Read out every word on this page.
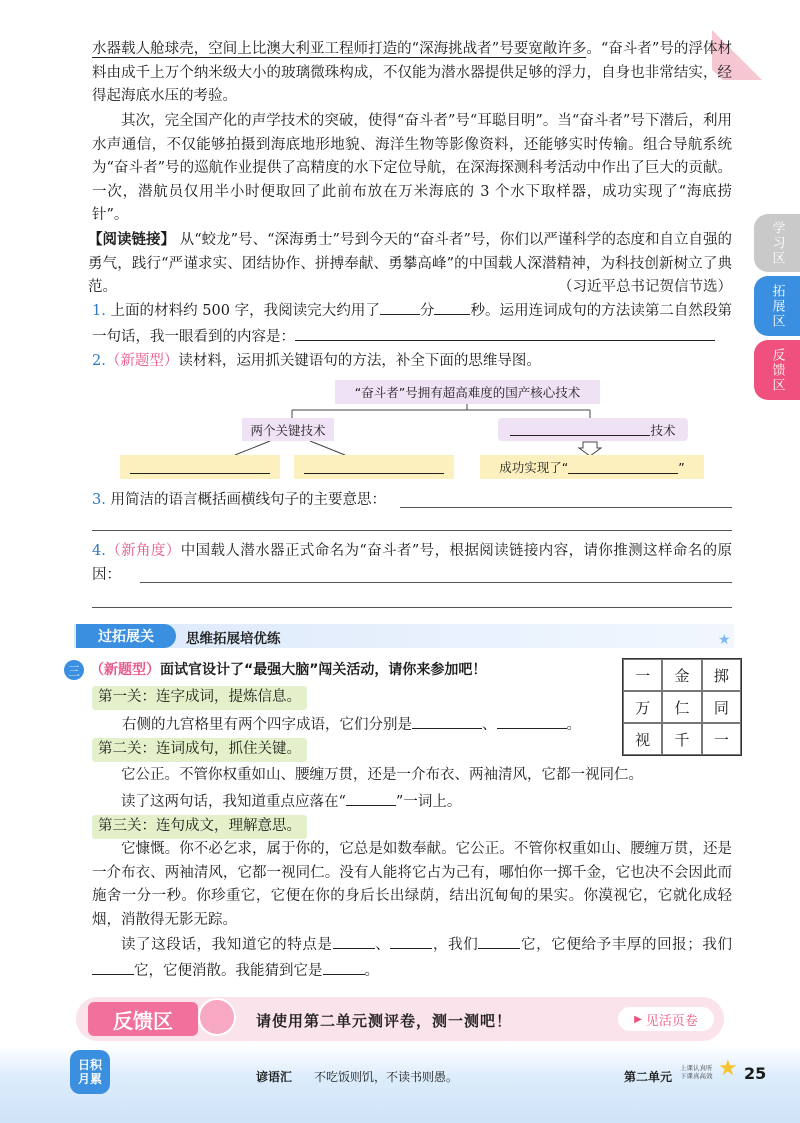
教师用书
水器载人舱球壳，空间上比澳大利亚工程师打造的“深海挑战者”号要宽敞许多。“奋斗者”号的浮体材料由成千上万个纳米级大小的玻璃微珠构成，不仅能为潜水器提供足够的浮力，自身也非常结实，经得起海底水压的考验。
其次，完全国产化的声学技术的突破，使得“奋斗者”号“耳聪目明”。当“奋斗者”号下潜后，利用水声通信，不仅能够拍摄到海底地形地貌、海洋生物等影像资料，还能够实时传输。组合导航系统为“奋斗者”号的巡航作业提供了高精度的水下定位导航，在深海探测科考活动中作出了巨大的贡献。一次，潜航员仅用半小时便取回了此前布放在万米海底的 3 个水下取样器，成功实现了“海底捞针”。
【阅读链接】 从“蛟龙”号、“深海勇士”号到今天的“奋斗者”号，你们以严谨科学的态度和自立自强的勇气，践行“严谨求实、团结协作、拼搏奉献、勇攀高峰”的中国载人深潜精神，为科技创新树立了典范。	（习近平总书记贺信节选）
1. 上面的材料约 500 字，我阅读完大约用了	分 秒。运用连词成句的方法读第二自然段第一句话，我一眼看到的内容是：
2.（新题型）读材料，运用抓关键语句的方法，补全下面的思维导图。
“奋斗者”号拥有超高难度的国产核心技术
两个关键技术	技术
成功实现了“	”
3. 用简洁的语言概括画横线句子的主要意思：
4.（新角度）中国载人潜水器正式命名为“奋斗者”号，根据阅读链接内容，请你推测这样命名的原因：
过拓展关 思维拓展培优练	★
三 （新题型）面试官设计了“最强大脑”闯关活动，请你来参加吧！
第一关：连字成词，提炼信息。
右侧的九宫格里有两个四字成语，它们分别是	、	。
一	金	掷
万	仁	同
视	千	一
第二关：连词成句，抓住关键。
它公正。不管你权重如山、腰缠万贯，还是一介布衣、两袖清风，它都一视同仁。
读了这两句话，我知道重点应落在“	”一词上。
第三关：连句成文，理解意思。
它慷慨。你不必乞求，属于你的，它总是如数奉献。它公正。不管你权重如山、腰缠万贯，还是一介布衣、两袖清风，它都一视同仁。没有人能将它占为己有，哪怕你一掷千金，它也决不会因此而施舍一分一秒。你珍重它，它便在你的身后长出绿荫，结出沉甸甸的果实。你漠视它，它就化成轻烟，消散得无影无踪。
读了这段话，我知道它的特点是	、	，我们	它，它便给予丰厚的回报；我们它，它便消散。我能猜到它是	。
学习区
拓展区
反馈区
反馈区	请使用第二单元测评卷，测一测吧！	▶ 见活页卷
日积
月累	谚语汇 不吃饭则饥，不读书则愚。	第二单元
上课认真听
下课真高效 ★ 25
